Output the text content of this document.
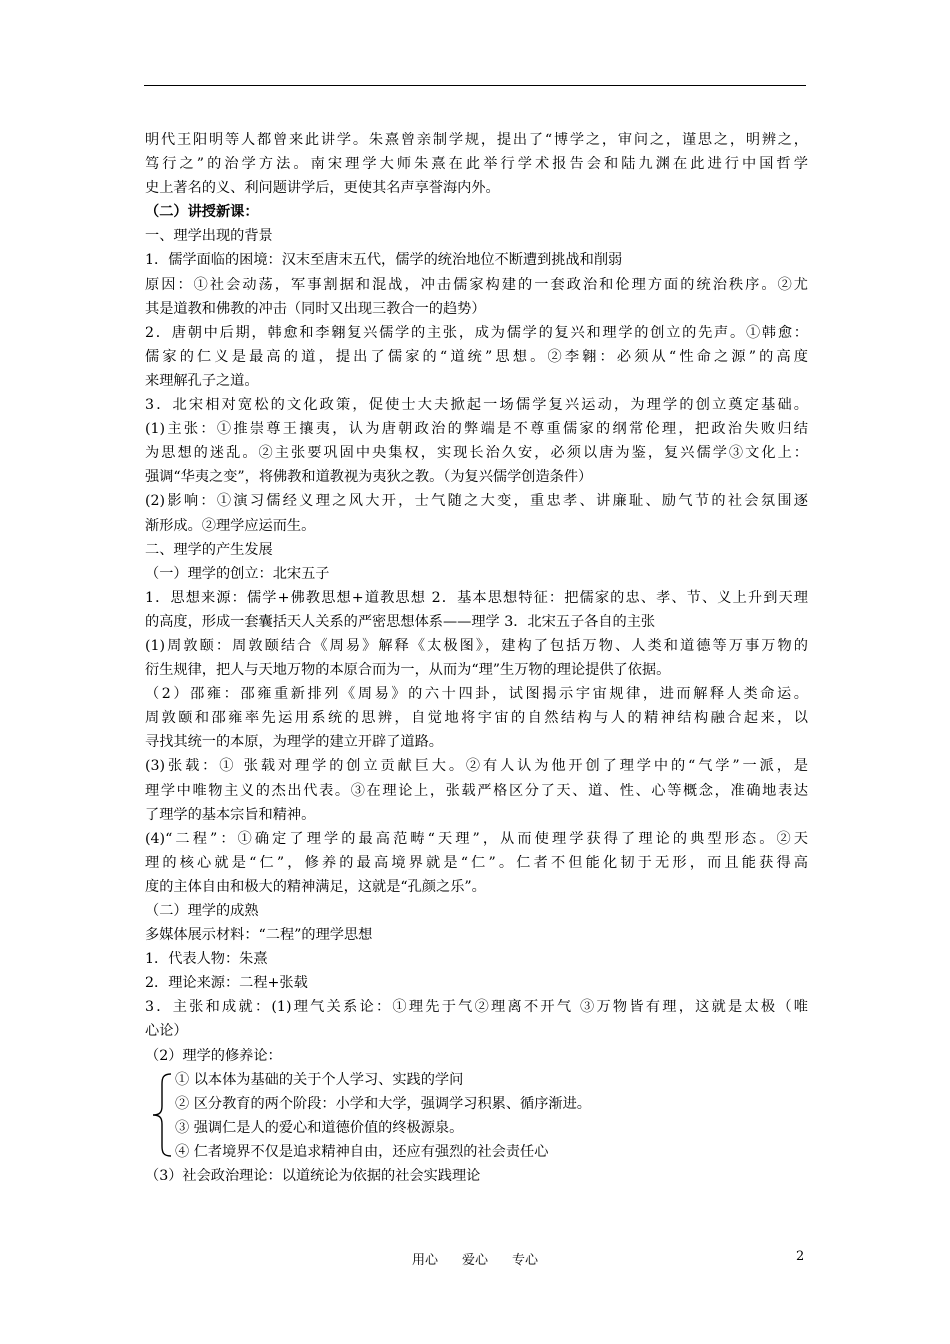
明代王阳明等人都曾来此讲学。朱熹曾亲制学规，提出了“博学之，审问之，谨思之，明辨之，
笃行之”的治学方法。南宋理学大师朱熹在此举行学术报告会和陆九渊在此进行中国哲学
史上著名的义、利问题讲学后，更使其名声享誉海内外。
（二）讲授新课：
一、理学出现的背景
1．儒学面临的困境：汉末至唐末五代，儒学的统治地位不断遭到挑战和削弱
原因：①社会动荡，军事割据和混战，冲击儒家构建的一套政治和伦理方面的统治秩序。②尤
其是道教和佛教的冲击（同时又出现三教合一的趋势）
2．唐朝中后期，韩愈和李翱复兴儒学的主张，成为儒学的复兴和理学的创立的先声。①韩愈：
儒家的仁义是最高的道，提出了儒家的“道统”思想。②李翱：必须从“性命之源”的高度
来理解孔子之道。
3．北宋相对宽松的文化政策，促使士大夫掀起一场儒学复兴运动，为理学的创立奠定基础。
(1)主张：①推崇尊王攘夷，认为唐朝政治的弊端是不尊重儒家的纲常伦理，把政治失败归结
为思想的迷乱。②主张要巩固中央集权，实现长治久安，必须以唐为鉴，复兴儒学③文化上：
强调“华夷之变”，将佛教和道教视为夷狄之教。（为复兴儒学创造条件）
(2)影响：①演习儒经义理之风大开，士气随之大变，重忠孝、讲廉耻、励气节的社会氛围逐
渐形成。②理学应运而生。
二、理学的产生发展
（一）理学的创立：北宋五子
1．思想来源：儒学+佛教思想+道教思想 2．基本思想特征：把儒家的忠、孝、节、义上升到天理
的高度，形成一套囊括天人关系的严密思想体系——理学 3．北宋五子各自的主张
(1)周敦颐：周敦颐结合《周易》解释《太极图》，建构了包括万物、人类和道德等万事万物的
衍生规律，把人与天地万物的本原合而为一，从而为“理”生万物的理论提供了依据。
（2）邵雍：邵雍重新排列《周易》的六十四卦，试图揭示宇宙规律，进而解释人类命运。
周敦颐和邵雍率先运用系统的思辨，自觉地将宇宙的自然结构与人的精神结构融合起来，以
寻找其统一的本原，为理学的建立开辟了道路。
(3)张载：① 张载对理学的创立贡献巨大。②有人认为他开创了理学中的“气学”一派，是
理学中唯物主义的杰出代表。③在理论上，张载严格区分了天、道、性、心等概念，准确地表达
了理学的基本宗旨和精神。
(4)“二程”：①确定了理学的最高范畴“天理”，从而使理学获得了理论的典型形态。②天
理的核心就是“仁”，修养的最高境界就是“仁”。仁者不但能化韧于无形，而且能获得高
度的主体自由和极大的精神满足，这就是“孔颜之乐”。
（二）理学的成熟
多媒体展示材料：“二程”的理学思想
1．代表人物：朱熹
2．理论来源：二程+张载
3．主张和成就：(1)理气关系论：①理先于气②理离不开气 ③万物皆有理，这就是太极（唯
心论）
（2）理学的修养论：
① 以本体为基础的关于个人学习、实践的学问
② 区分教育的两个阶段：小学和大学，强调学习积累、循序渐进。
③ 强调仁是人的爱心和道德价值的终极源泉。
④ 仁者境界不仅是追求精神自由，还应有强烈的社会责任心
（3）社会政治理论：以道统论为依据的社会实践理论
用心 爱心 专心	2
